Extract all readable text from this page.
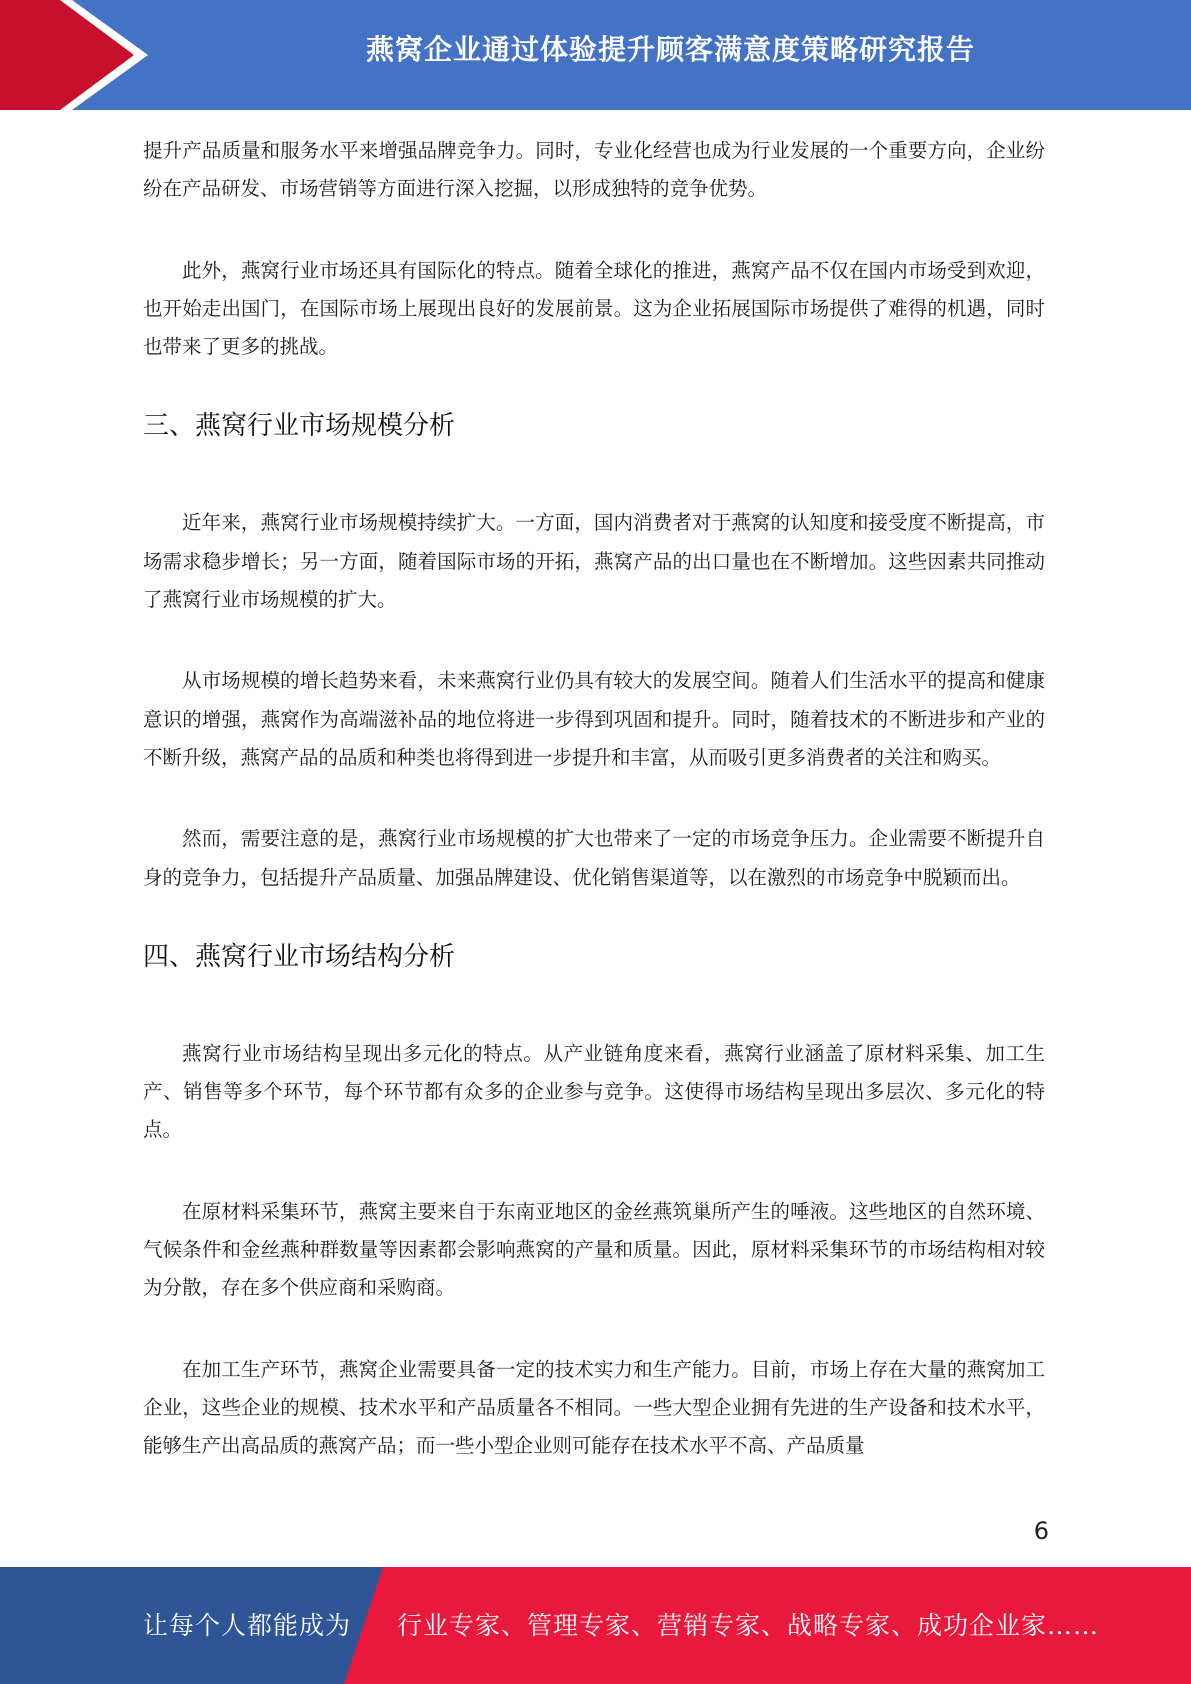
燕窝企业通过体验提升顾客满意度策略研究报告

提升产品质量和服务水平来增强品牌竞争力。同时，专业化经营也成为行业发展的一个重要方向，企业纷纷在产品研发、市场营销等方面进行深入挖掘，以形成独特的竞争优势。

此外，燕窝行业市场还具有国际化的特点。随着全球化的推进，燕窝产品不仅在国内市场受到欢迎，也开始走出国门，在国际市场上展现出良好的发展前景。这为企业拓展国际市场提供了难得的机遇，同时也带来了更多的挑战。

三、燕窝行业市场规模分析

近年来，燕窝行业市场规模持续扩大。一方面，国内消费者对于燕窝的认知度和接受度不断提高，市场需求稳步增长；另一方面，随着国际市场的开拓，燕窝产品的出口量也在不断增加。这些因素共同推动了燕窝行业市场规模的扩大。

从市场规模的增长趋势来看，未来燕窝行业仍具有较大的发展空间。随着人们生活水平的提高和健康意识的增强，燕窝作为高端滋补品的地位将进一步得到巩固和提升。同时，随着技术的不断进步和产业的不断升级，燕窝产品的品质和种类也将得到进一步提升和丰富，从而吸引更多消费者的关注和购买。

然而，需要注意的是，燕窝行业市场规模的扩大也带来了一定的市场竞争压力。企业需要不断提升自身的竞争力，包括提升产品质量、加强品牌建设、优化销售渠道等，以在激烈的市场竞争中脱颖而出。

四、燕窝行业市场结构分析

燕窝行业市场结构呈现出多元化的特点。从产业链角度来看，燕窝行业涵盖了原材料采集、加工生产、销售等多个环节，每个环节都有众多的企业参与竞争。这使得市场结构呈现出多层次、多元化的特点。

在原材料采集环节，燕窝主要来自于东南亚地区的金丝燕筑巢所产生的唾液。这些地区的自然环境、气候条件和金丝燕种群数量等因素都会影响燕窝的产量和质量。因此，原材料采集环节的市场结构相对较为分散，存在多个供应商和采购商。

在加工生产环节，燕窝企业需要具备一定的技术实力和生产能力。目前，市场上存在大量的燕窝加工企业，这些企业的规模、技术水平和产品质量各不相同。一些大型企业拥有先进的生产设备和技术水平，能够生产出高品质的燕窝产品；而一些小型企业则可能存在技术水平不高、产品质量

6
让每个人都能成为 行业专家、管理专家、营销专家、战略专家、成功企业家……
